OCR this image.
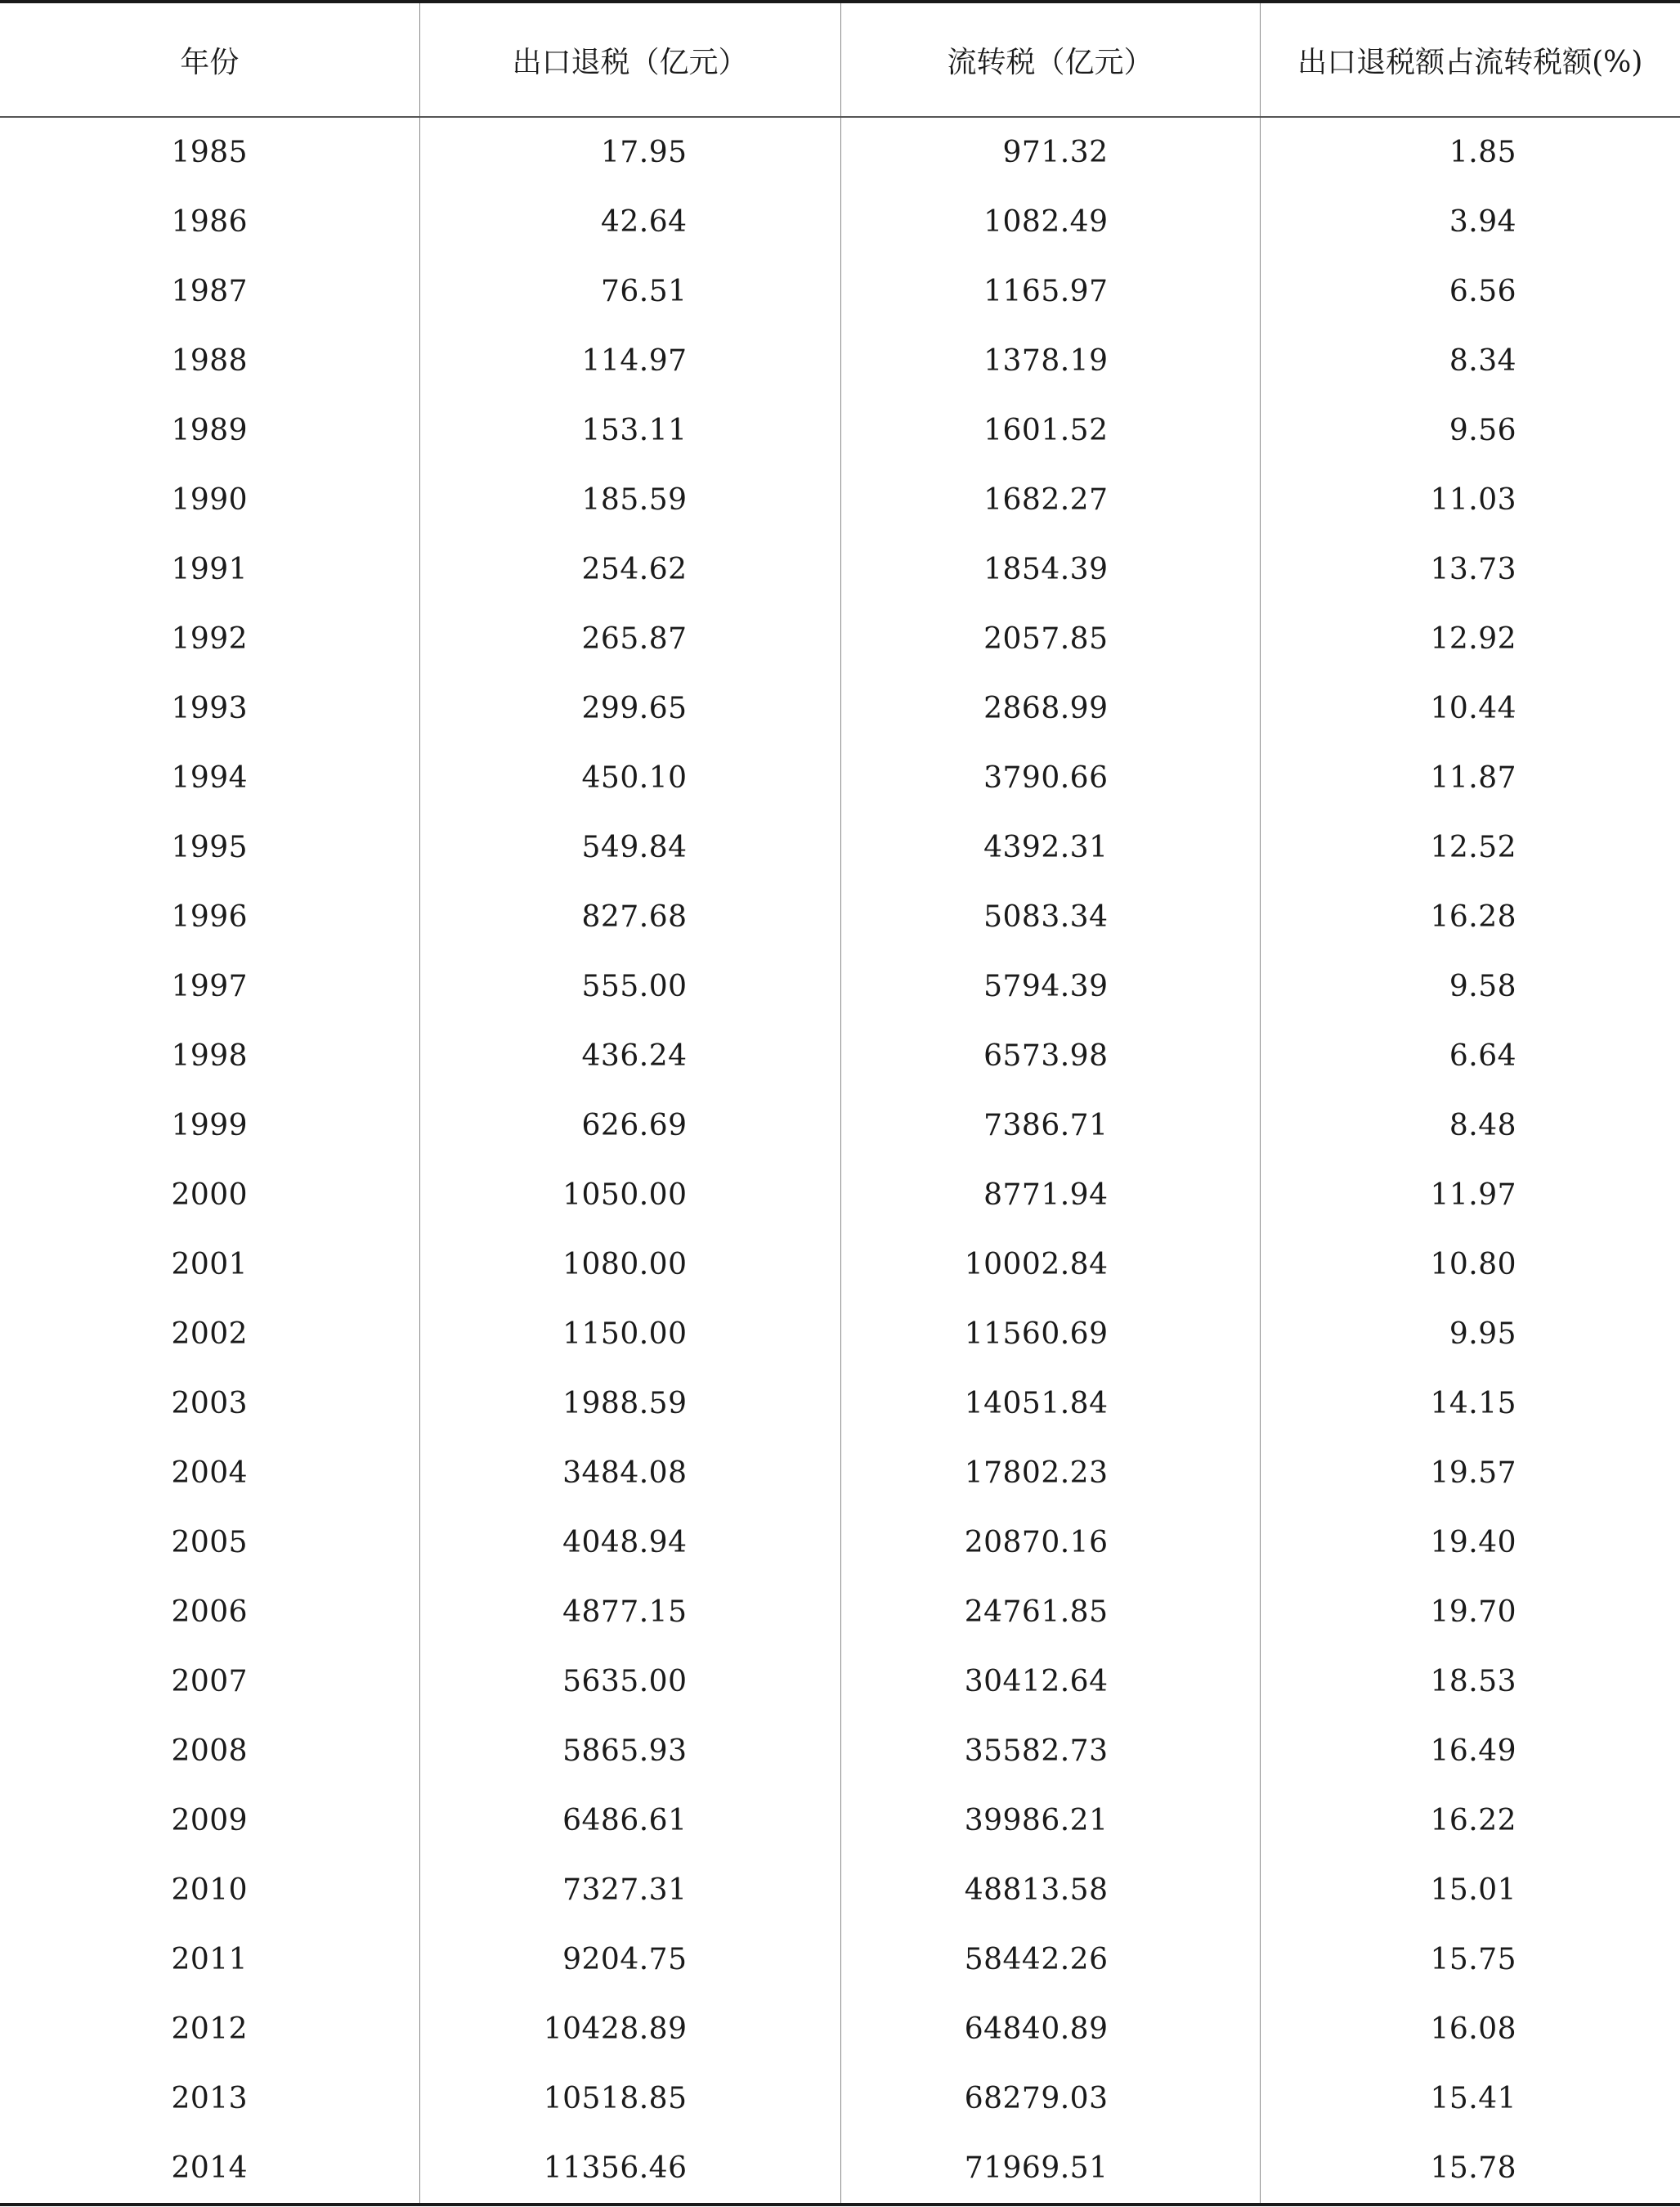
年份	出口退税（亿元）	流转税（亿元）	出口退税额占流转税额(%)
1985	17.95	971.32	1.85
1986	42.64	1082.49	3.94
1987	76.51	1165.97	6.56
1988	114.97	1378.19	8.34
1989	153.11	1601.52	9.56
1990	185.59	1682.27	11.03
1991	254.62	1854.39	13.73
1992	265.87	2057.85	12.92
1993	299.65	2868.99	10.44
1994	450.10	3790.66	11.87
1995	549.84	4392.31	12.52
1996	827.68	5083.34	16.28
1997	555.00	5794.39	9.58
1998	436.24	6573.98	6.64
1999	626.69	7386.71	8.48
2000	1050.00	8771.94	11.97
2001	1080.00	10002.84	10.80
2002	1150.00	11560.69	9.95
2003	1988.59	14051.84	14.15
2004	3484.08	17802.23	19.57
2005	4048.94	20870.16	19.40
2006	4877.15	24761.85	19.70
2007	5635.00	30412.64	18.53
2008	5865.93	35582.73	16.49
2009	6486.61	39986.21	16.22
2010	7327.31	48813.58	15.01
2011	9204.75	58442.26	15.75
2012	10428.89	64840.89	16.08
2013	10518.85	68279.03	15.41
2014	11356.46	71969.51	15.78
